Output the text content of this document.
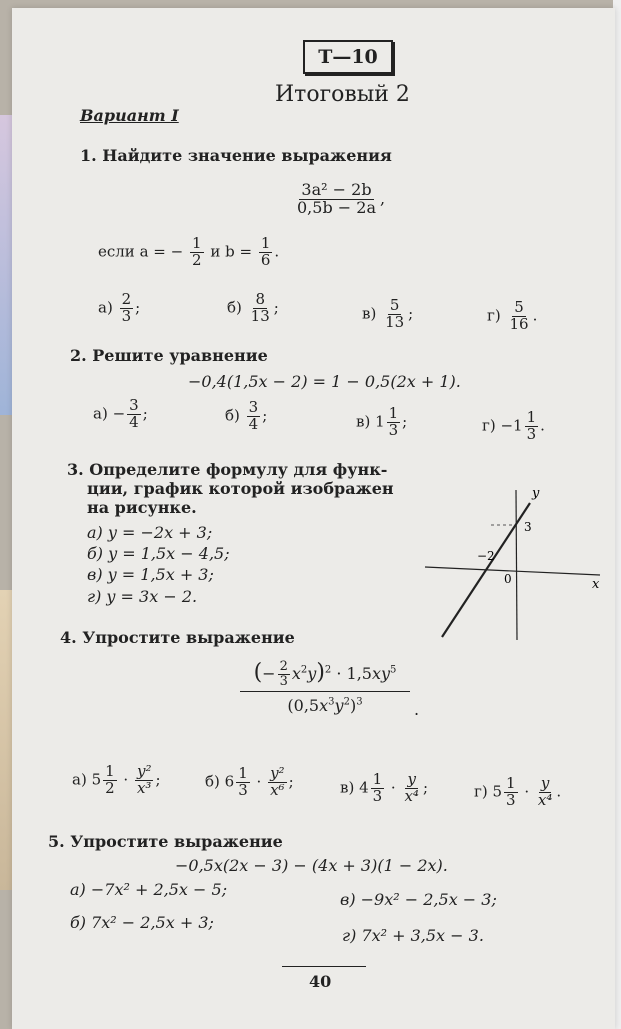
Т—10
Итоговый 2
Вариант I
1. Найдите значение выражения
$\frac{\text{3a² − 2b}}{0,5b - 2a}$ ,
если a = − $\frac{1}{2}$ и $b = \frac{1}{6}$ .
$а) \frac{2}{3}$ ;	$б) \frac{8}{13}$ ;	$в) \frac{5}{13}$ ;	$г) \frac{5}{16}$ .
2. Решите уравнение
−0,4(1,5x − 2) = 1 − 0,5(2x + 1).
$а) - \frac{3}{4}$ ;	$б) \frac{3}{4}$ ;	в) $1 \frac{1}{3}$ ;	$г) -1 \frac{1}{3}$ .
3. Определите формулу для функ-
ции, график которой изображен
на рисунке.
а) y = −2x + 3;
б) y = 1,5x − 4,5;
в) y = 1,5x + 3;
г) y = 3x − 2.
y
x
3
−2
0
4. Упростите выражение
$\frac{(- \frac{2}{3} x^2y)^2 \cdot 1,5xy^5}{(0,5x^3y^2)^3}$ .
а) $5 \frac{1}{2} \cdot \frac{\text{y²}}{\text{x³}}$ ;	б) $6 \frac{1}{3} \cdot \frac{\text{y²}}{\text{x⁶}}$ ;	в) $4 \frac{1}{3} \cdot \frac{y}{\text{x⁴}}$ ;	г) $5 \frac{1}{3} \cdot \frac{y}{\text{x⁴}}$ .
5. Упростите выражение
−0,5x(2x − 3) − (4x + 3)(1 − 2x).
а) −7x² + 2,5x − 5;
в) −9x² − 2,5x − 3;
б) 7x² − 2,5x + 3;
г) 7x² + 3,5x − 3.
40
